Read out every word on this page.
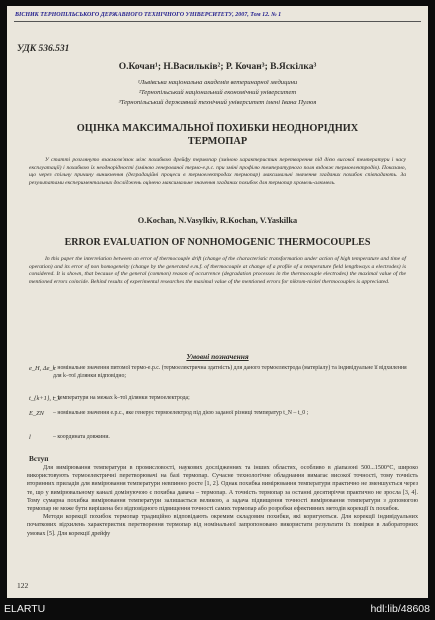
ВІСНИК ТЕРНОПІЛЬСЬКОГО ДЕРЖАВНОГО ТЕХНІЧНОГО УНІВЕРСИТЕТУ, 2007, Том 12. № 1
УДК 536.531
О.Кочан¹; Н.Васильків²; Р. Кочан³; В.Яскілка³
¹Львівська національна академія ветеринарної медицини
²Тернопільський національний економічний університет
³Тернопільський державний технічний університет імені Івана Пулюя
ОЦІНКА МАКСИМАЛЬНОЇ ПОХИБКИ НЕОДНОРІДНИХ
ТЕРМОПАР
У статті розглянуто взаємозв'язок між похибкою дрейфу термопар (зміною характеристик перетворення під дією високої температури і часу експлуатації) і похибкою їх неоднорідності (зміною генерованої термо-е.р.с. при зміні профілю температурного поля вздовж термоелектродів). Показано, що через спільну причину виникнення (деградаційні процеси в термоелектродах термопар) максимальні значення згаданих похибок співпадають. За результатами експериментальних досліджень оцінено максимальне значення згаданих похибок для термопар хромель-алюмель.
O.Kochan, N.Vasylkiv, R.Kochan, V.Yaskilka
ERROR EVALUATION OF NONHOMOGENIC THERMOCOUPLES
In this paper the interrelation between an error of thermocouple drift (change of the characteristic transformation under action of high temperature and time of operation) and its error of non homogeneity (change by the generated e.m.f. of thermocouple at change of a profile of a temperature field lengthways a electrodes) is considered. It is shown, that because of the general (common) reason of occurrence (degradation processes in the thermocouple electrodes) the maximal value of the mentioned errors coincide. Behind results of experimental researches the maximal value of the mentioned errors for nikrom-nickel thermocouples is appreciated.
Умовні позначення
e_H, Δe_k
– номінальне значення питомої термо-е.р.с. (термоелектрична здатність) для даного термоелектрода (матеріалу) та індивідуальне її відхилення для k–тої ділянки відповідно;
t_{k+1}, t_k
– температури на межах k–тої ділянки термоелектрода;
E_ZN – номінальне значення е.р.с., яке генерує термоелектрод під дією заданої різниці температур t_N – t_0 ;
l	– координата довжини.
Вступ

Для вимірювання температури в промисловості, наукових дослідженнях та інших областях, особливо в діапазоні 500...1500°С, широко використовують термоелектричні перетворювачі на базі термопар. Сучасне технологічне обладнання вимагає високої точності, тому точність вторинних приладів для вимірювання температури невпинно росте [1, 2]. Однак похибка вимірювання температури практично не зменшується через те, що у вимірювальному каналі домінуючою є похибка давача – термопар. А точність термопар за останні десятиріччя практично не зросла [3, 4]. Тому сумарна похибка вимірювання температури залишається великою, а задача підвищення точності вимірювання температури з допомогою термопар не може бути вирішена без відповідного підвищення точності самих термопар або розробки ефективних методів корекції їх похибок.

Методи корекції похибок термопар традиційно відповідають окремим складовим похибки, які коригуються. Для корекції індивідуальних початкових відхилень характеристик перетворення термопар від номінальної запропоновано використати результати їх повірки в лабораторних умовах [5]. Для корекції дрейфу

122
ELARTU	hdl:lib/48608
